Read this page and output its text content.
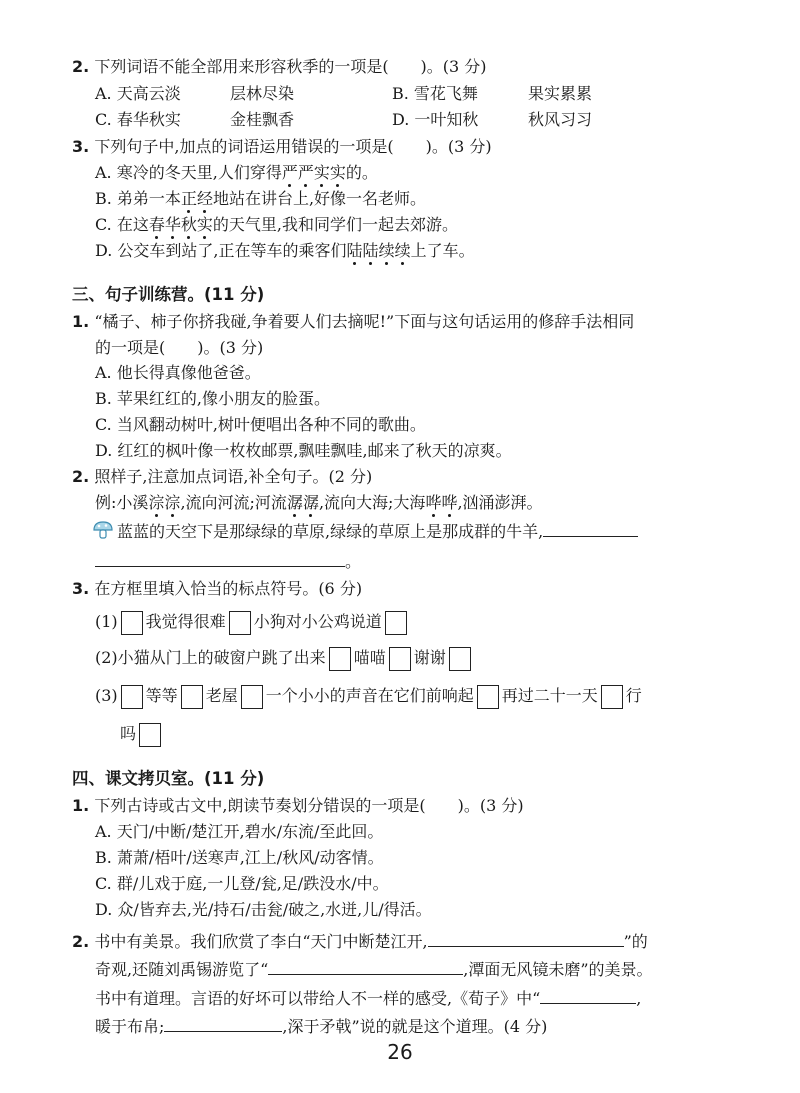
2. 下列词语不能全部用来形容秋季的一项是(　　)。(3 分)
A. 天高云淡	层林尽染	B. 雪花飞舞	果实累累
C. 春华秋实	金桂飘香	D. 一叶知秋	秋风习习
3. 下列句子中,加点的词语运用错误的一项是(　　)。(3 分)
A. 寒冷的冬天里,人们穿得严严实实的。
B. 弟弟一本正经地站在讲台上,好像一名老师。
C. 在这春华秋实的天气里,我和同学们一起去郊游。
D. 公交车到站了,正在等车的乘客们陆陆续续上了车。
三、句子训练营。(11 分)
1. “橘子、柿子你挤我碰,争着要人们去摘呢!”下面与这句话运用的修辞手法相同
的一项是(　　)。(3 分)
A. 他长得真像他爸爸。
B. 苹果红红的,像小朋友的脸蛋。
C. 当风翻动树叶,树叶便唱出各种不同的歌曲。
D. 红红的枫叶像一枚枚邮票,飘哇飘哇,邮来了秋天的凉爽。
2. 照样子,注意加点词语,补全句子。(2 分)
例:小溪淙淙,流向河流;河流潺潺,流向大海;大海哗哗,汹涌澎湃。
蓝蓝的天空下是那绿绿的草原,绿绿的草原上是那成群的牛羊,
。
3. 在方框里填入恰当的标点符号。(6 分)
(1) 我觉得很难 小狗对小公鸡说道
(2)小猫从门上的破窗户跳了出来 喵喵 谢谢
(3) 等等 老屋 一个小小的声音在它们前响起 再过二十一天 行
吗
四、课文拷贝室。(11 分)
1. 下列古诗或古文中,朗读节奏划分错误的一项是(　　)。(3 分)
A. 天门/中断/楚江开,碧水/东流/至此回。
B. 萧萧/梧叶/送寒声,江上/秋风/动客情。
C. 群/儿戏于庭,一儿登/瓮,足/跌没水/中。
D. 众/皆弃去,光/持石/击瓮/破之,水迸,儿/得活。
2. 书中有美景。我们欣赏了李白“天门中断楚江开,	”的
奇观,还随刘禹锡游览了“	,潭面无风镜未磨”的美景。
书中有道理。言语的好坏可以带给人不一样的感受,《荀子》中“	,
暖于布帛;	,深于矛戟”说的就是这个道理。(4 分)
26
